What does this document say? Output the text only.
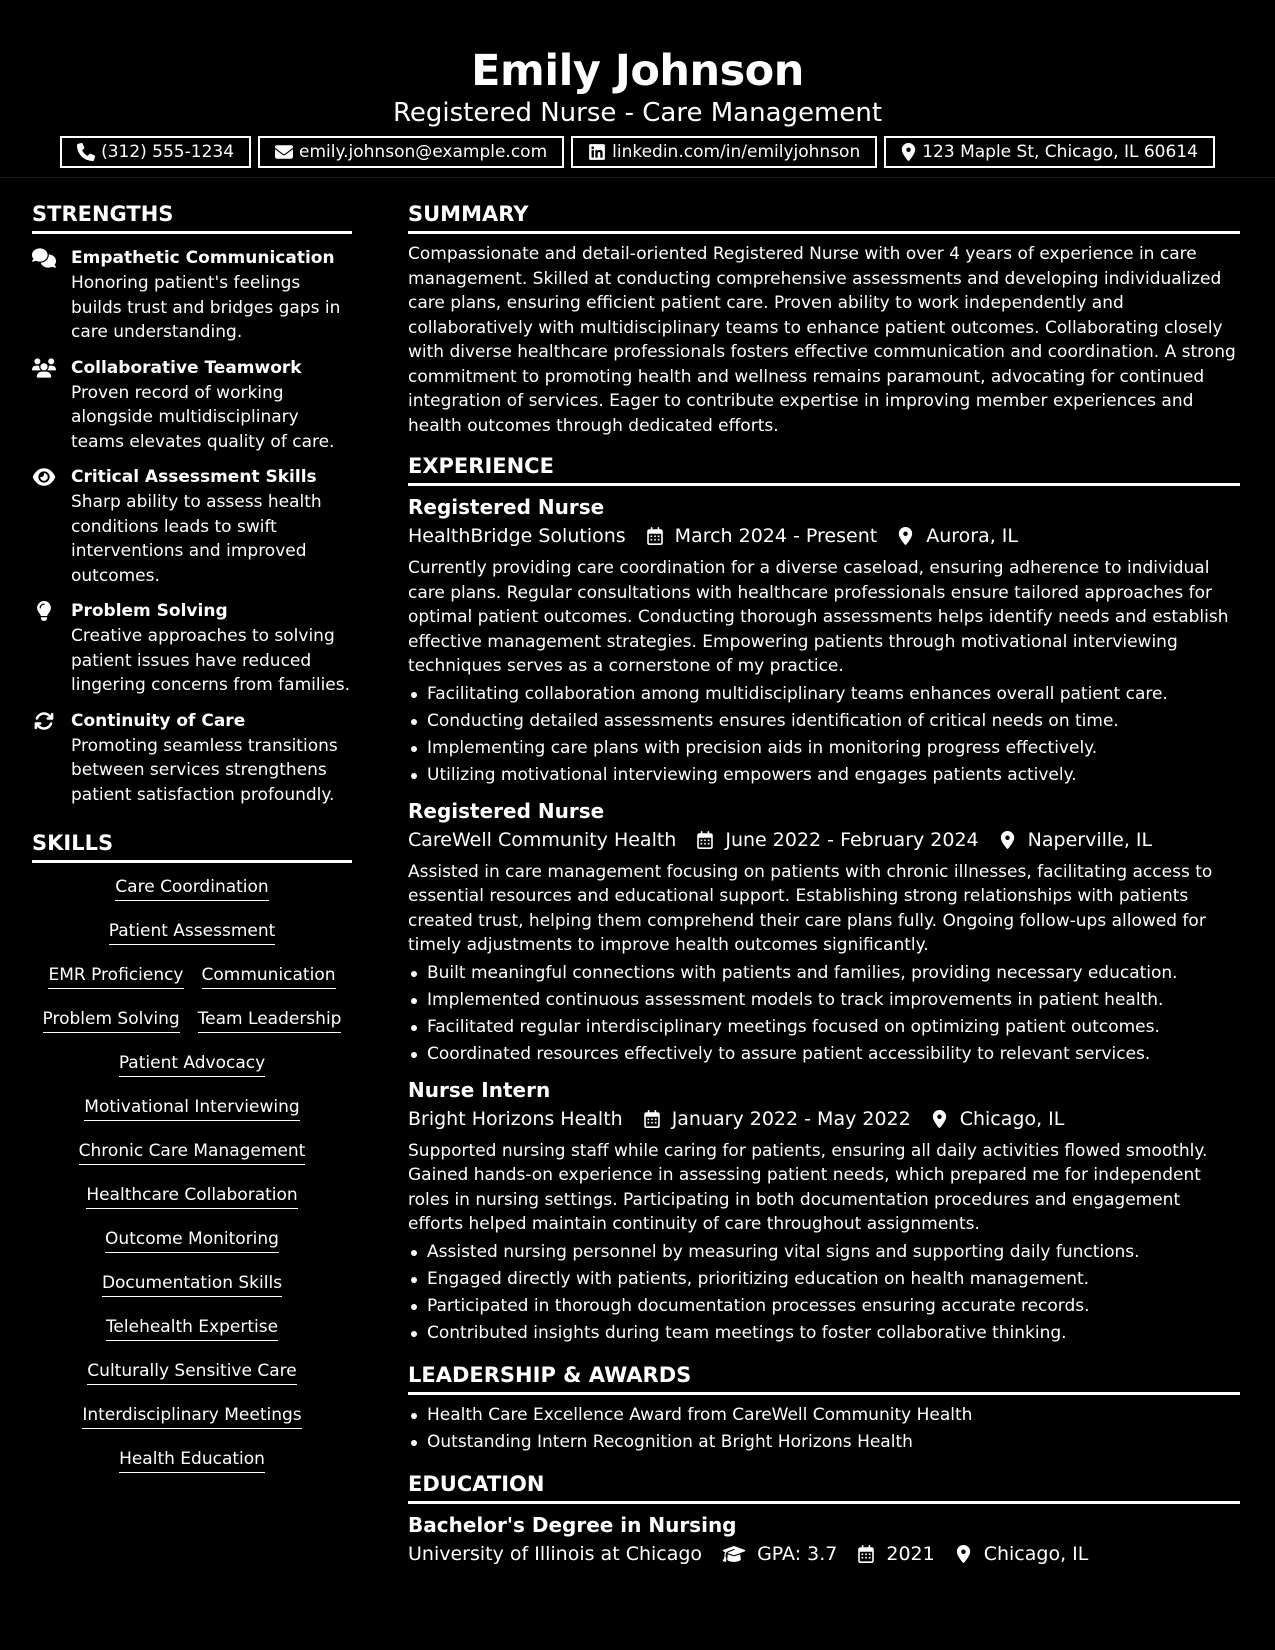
Emily Johnson
Registered Nurse - Care Management
(312) 555-1234	emily.johnson@example.com	linkedin.com/in/emilyjohnson	123 Maple St, Chicago, IL 60614
STRENGTHS
Empathetic Communication
Honoring patient's feelings builds trust and bridges gaps in care understanding.
Collaborative Teamwork
Proven record of working alongside multidisciplinary teams elevates quality of care.
Critical Assessment Skills
Sharp ability to assess health conditions leads to swift interventions and improved outcomes.
Problem Solving
Creative approaches to solving patient issues have reduced lingering concerns from families.
Continuity of Care
Promoting seamless transitions between services strengthens patient satisfaction profoundly.
SKILLS
Care Coordination
Patient Assessment
EMR Proficiency Communication
Problem Solving Team Leadership
Patient Advocacy
Motivational Interviewing
Chronic Care Management
Healthcare Collaboration
Outcome Monitoring
Documentation Skills
Telehealth Expertise
Culturally Sensitive Care
Interdisciplinary Meetings
Health Education
SUMMARY

Compassionate and detail-oriented Registered Nurse with over 4 years of experience in care management. Skilled at conducting comprehensive assessments and developing individualized care plans, ensuring efficient patient care. Proven ability to work independently and collaboratively with multidisciplinary teams to enhance patient outcomes. Collaborating closely with diverse healthcare professionals fosters effective communication and coordination. A strong commitment to promoting health and wellness remains paramount, advocating for continued integration of services. Eager to contribute expertise in improving member experiences and health outcomes through dedicated efforts.

EXPERIENCE
Registered Nurse
HealthBridge Solutions	March 2024 - Present	Aurora, IL

Currently providing care coordination for a diverse caseload, ensuring adherence to individual care plans. Regular consultations with healthcare professionals ensure tailored approaches for optimal patient outcomes. Conducting thorough assessments helps identify needs and establish effective management strategies. Empowering patients through motivational interviewing techniques serves as a cornerstone of my practice.

Facilitating collaboration among multidisciplinary teams enhances overall patient care.
Conducting detailed assessments ensures identification of critical needs on time.
Implementing care plans with precision aids in monitoring progress effectively.
Utilizing motivational interviewing empowers and engages patients actively.
Registered Nurse
CareWell Community Health	June 2022 - February 2024	Naperville, IL

Assisted in care management focusing on patients with chronic illnesses, facilitating access to essential resources and educational support. Establishing strong relationships with patients created trust, helping them comprehend their care plans fully. Ongoing follow-ups allowed for timely adjustments to improve health outcomes significantly.

Built meaningful connections with patients and families, providing necessary education.
Implemented continuous assessment models to track improvements in patient health.
Facilitated regular interdisciplinary meetings focused on optimizing patient outcomes.
Coordinated resources effectively to assure patient accessibility to relevant services.
Nurse Intern
Bright Horizons Health	January 2022 - May 2022	Chicago, IL

Supported nursing staff while caring for patients, ensuring all daily activities flowed smoothly. Gained hands-on experience in assessing patient needs, which prepared me for independent roles in nursing settings. Participating in both documentation procedures and engagement efforts helped maintain continuity of care throughout assignments.

Assisted nursing personnel by measuring vital signs and supporting daily functions.
Engaged directly with patients, prioritizing education on health management.
Participated in thorough documentation processes ensuring accurate records.
Contributed insights during team meetings to foster collaborative thinking.
LEADERSHIP & AWARDS
Health Care Excellence Award from CareWell Community Health
Outstanding Intern Recognition at Bright Horizons Health
EDUCATION
Bachelor's Degree in Nursing
University of Illinois at Chicago	GPA: 3.7	2021	Chicago, IL
